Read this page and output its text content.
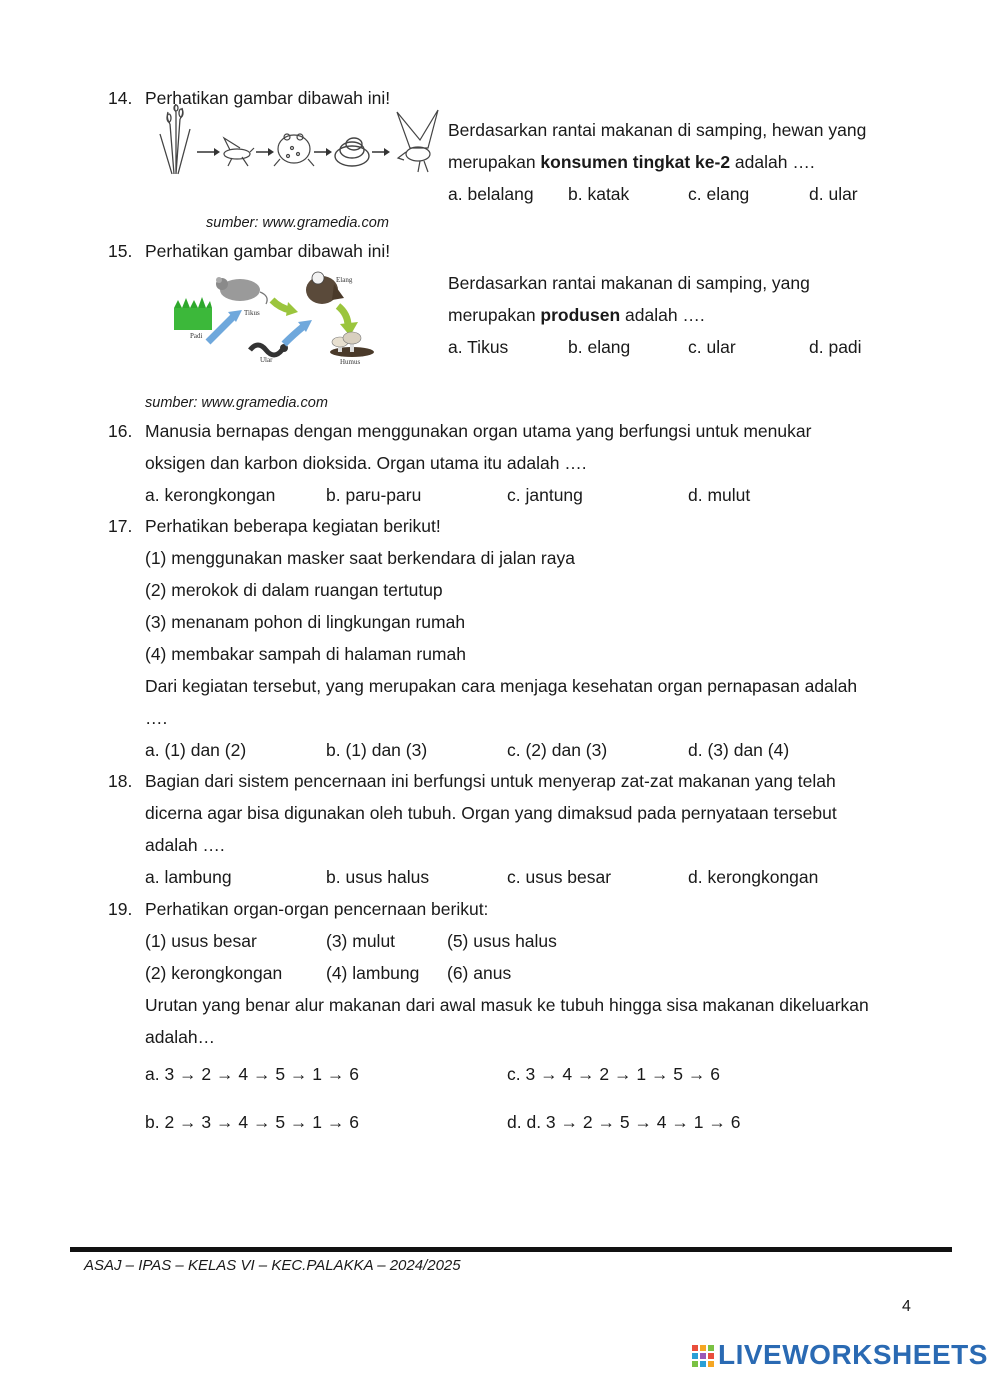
14. Perhatikan gambar dibawah ini!
Berdasarkan rantai makanan di samping, hewan yang
merupakan konsumen tingkat ke-2 adalah ….
a. belalang b. katak	c. elang	d. ular
sumber: www.gramedia.com
15. Perhatikan gambar dibawah ini!
Padi
Tikus
Ular
Elang
Humus
Berdasarkan rantai makanan di samping, yang
merupakan produsen adalah ….
a. Tikus	b. elang	c. ular	d. padi
sumber: www.gramedia.com
16. Manusia bernapas dengan menggunakan organ utama yang berfungsi untuk menukar
oksigen dan karbon dioksida. Organ utama itu adalah ….
a. kerongkongan	b. paru-paru	c. jantung	d. mulut
17. Perhatikan beberapa kegiatan berikut!
(1) menggunakan masker saat berkendara di jalan raya
(2) merokok di dalam ruangan tertutup
(3) menanam pohon di lingkungan rumah
(4) membakar sampah di halaman rumah
Dari kegiatan tersebut, yang merupakan cara menjaga kesehatan organ pernapasan adalah
….
a. (1) dan (2)	b. (1) dan (3)	c. (2) dan (3)	d. (3) dan (4)
18. Bagian dari sistem pencernaan ini berfungsi untuk menyerap zat-zat makanan yang telah
dicerna agar bisa digunakan oleh tubuh. Organ yang dimaksud pada pernyataan tersebut
adalah ….
a. lambung	b. usus halus	c. usus besar	d. kerongkongan
19. Perhatikan organ-organ pencernaan berikut:
(1) usus besar	(3) mulut	(5) usus halus
(2) kerongkongan	(4) lambung (6) anus
Urutan yang benar alur makanan dari awal masuk ke tubuh hingga sisa makanan dikeluarkan
adalah…
a. 3 → 2 → 4 → 5 → 1 → 6	c. 3 → 4 → 2 → 1 → 5 → 6
b. 2 → 3 → 4 → 5 → 1 → 6	d. d. 3 → 2 → 5 → 4 → 1 → 6
ASAJ – IPAS – KELAS VI – KEC.PALAKKA – 2024/2025
4
LIVEWORKSHEETS
